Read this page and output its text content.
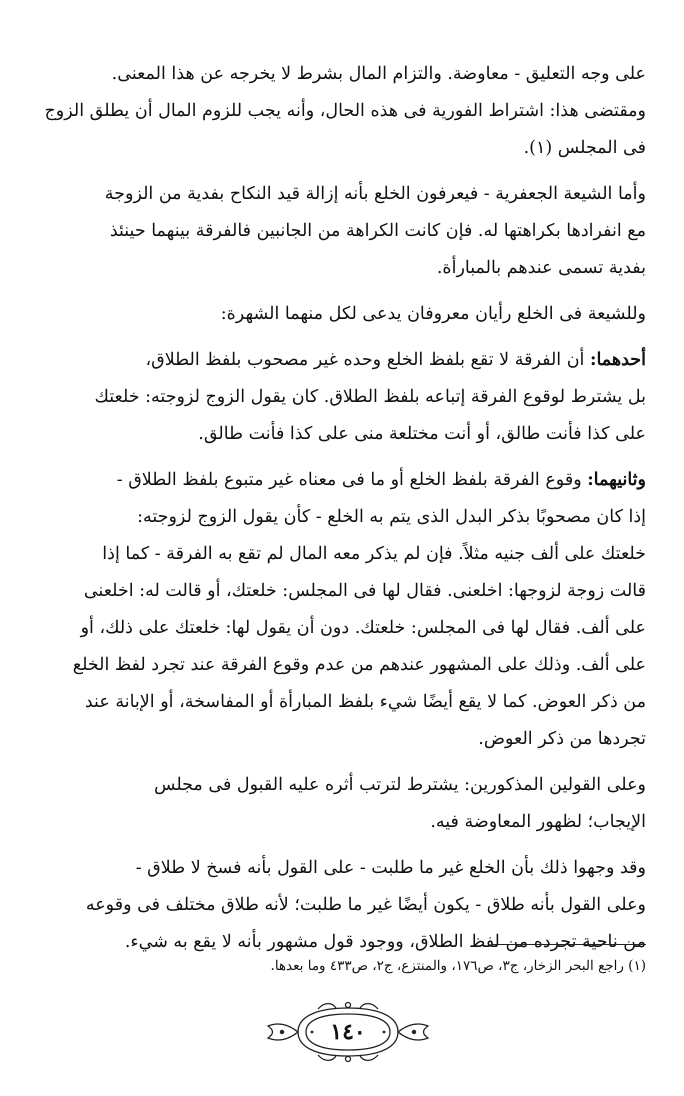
على وجه التعليق - معاوضة. والتزام المال بشرط لا يخرجه عن هذا المعنى.
ومقتضى هذا: اشتراط الفورية فى هذه الحال، وأنه يجب للزوم المال أن يطلق الزوج
فى المجلس (١).
وأما الشيعة الجعفرية - فيعرفون الخلع بأنه إزالة قيد النكاح بفدية من الزوجة
مع انفرادها بكراهتها له. فإن كانت الكراهة من الجانبين فالفرقة بينهما حينئذ
بفدية تسمى عندهم بالمبارأة.
وللشيعة فى الخلع رأيان معروفان يدعى لكل منهما الشهرة:
أحدهما: أن الفرقة لا تقع بلفظ الخلع وحده غير مصحوب بلفظ الطلاق،
بل يشترط لوقوع الفرقة إتباعه بلفظ الطلاق. كان يقول الزوج لزوجته: خلعتك
على كذا فأنت طالق، أو أنت مختلعة منى على كذا فأنت طالق.
وثانيهما: وقوع الفرقة بلفظ الخلع أو ما فى معناه غير متبوع بلفظ الطلاق -
إذا كان مصحوبًا بذكر البدل الذى يتم به الخلع - كأن يقول الزوج لزوجته:
خلعتك على ألف جنيه مثلاً. فإن لم يذكر معه المال لم تقع به الفرقة - كما إذا
قالت زوجة لزوجها: اخلعنى. فقال لها فى المجلس: خلعتك، أو قالت له: اخلعنى
على ألف. فقال لها فى المجلس: خلعتك. دون أن يقول لها: خلعتك على ذلك، أو
على ألف. وذلك على المشهور عندهم من عدم وقوع الفرقة عند تجرد لفظ الخلع
من ذكر العوض. كما لا يقع أيضًا شيء بلفظ المبارأة أو المفاسخة، أو الإبانة عند
تجردها من ذكر العوض.
وعلى القولين المذكورين: يشترط لترتب أثره عليه القبول فى مجلس
الإيجاب؛ لظهور المعاوضة فيه.
وقد وجهوا ذلك بأن الخلع غير ما طلبت - على القول بأنه فسخ لا طلاق -
وعلى القول بأنه طلاق - يكون أيضًا غير ما طلبت؛ لأنه طلاق مختلف فى وقوعه
من ناحية تجرده من لفظ الطلاق، ووجود قول مشهور بأنه لا يقع به شيء.
(١) راجع البحر الزخار، ج٣، ص١٧٦، والمنتزع، ج٢، ص٤٣٣ وما بعدها.
١٤٠
